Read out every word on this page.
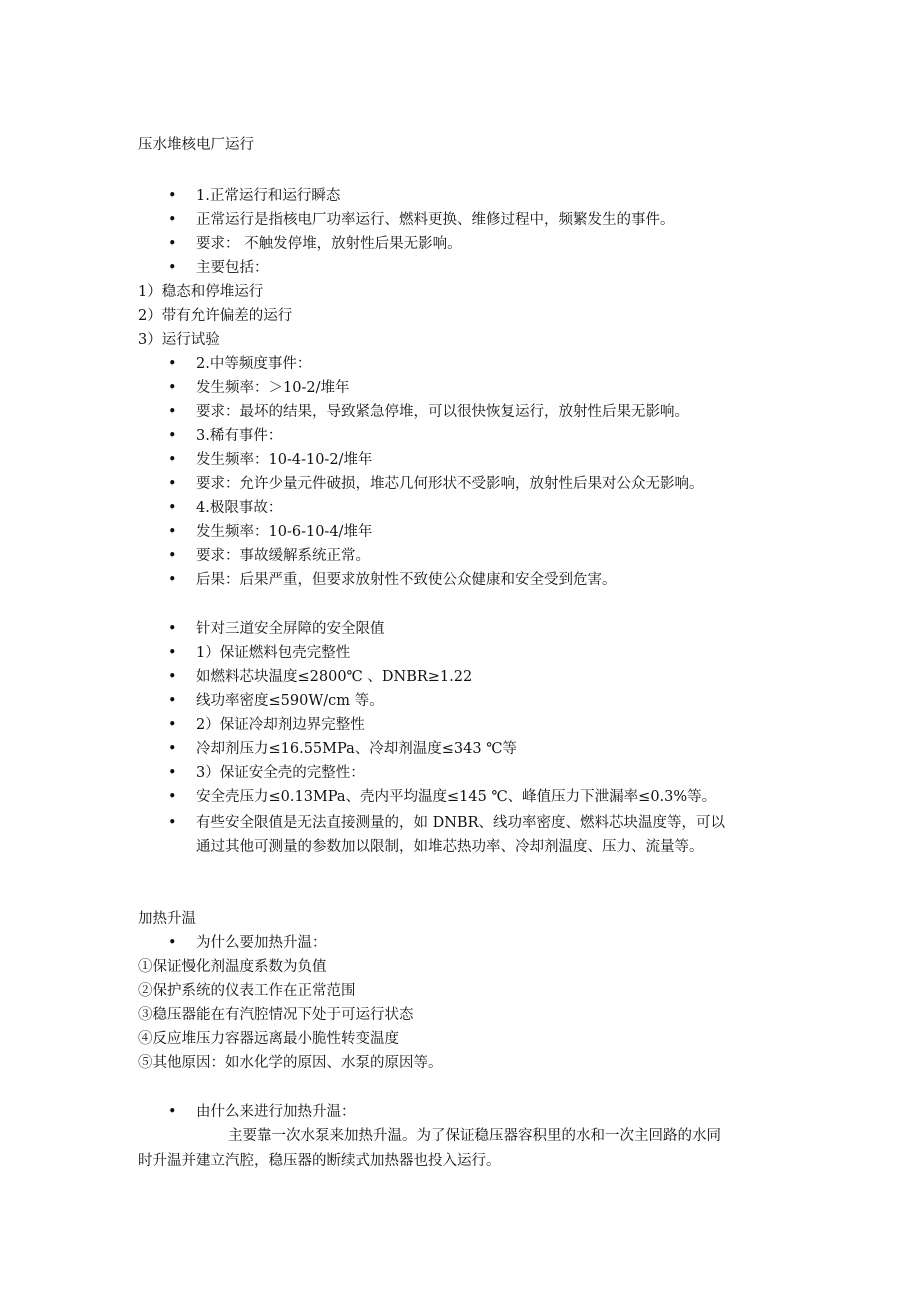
压水堆核电厂运行
• 1.正常运行和运行瞬态
• 正常运行是指核电厂功率运行、燃料更换、维修过程中，频繁发生的事件。
• 要求： 不触发停堆，放射性后果无影响。
• 主要包括：
1）稳态和停堆运行
2）带有允许偏差的运行
3）运行试验
• 2.中等频度事件：
• 发生频率：＞10-2/堆年
• 要求：最坏的结果，导致紧急停堆，可以很快恢复运行，放射性后果无影响。
• 3.稀有事件：
• 发生频率：10-4-10-2/堆年
• 要求：允许少量元件破损，堆芯几何形状不受影响，放射性后果对公众无影响。
• 4.极限事故：
• 发生频率：10-6-10-4/堆年
• 要求：事故缓解系统正常。
• 后果：后果严重，但要求放射性不致使公众健康和安全受到危害。
• 针对三道安全屏障的安全限值
• 1）保证燃料包壳完整性
• 如燃料芯块温度≤2800℃ 、DNBR≥1.22
• 线功率密度≤590W/cm 等。
• 2）保证冷却剂边界完整性
• 冷却剂压力≤16.55MPa、冷却剂温度≤343 ℃等
• 3）保证安全壳的完整性：
• 安全壳压力≤0.13MPa、壳内平均温度≤145 ℃、峰值压力下泄漏率≤0.3%等。
• 有些安全限值是无法直接测量的，如 DNBR、线功率密度、燃料芯块温度等，可以
通过其他可测量的参数加以限制，如堆芯热功率、冷却剂温度、压力、流量等。
加热升温
• 为什么要加热升温：
①保证慢化剂温度系数为负值
②保护系统的仪表工作在正常范围
③稳压器能在有汽腔情况下处于可运行状态
④反应堆压力容器远离最小脆性转变温度
⑤其他原因：如水化学的原因、水泵的原因等。
• 由什么来进行加热升温：
主要靠一次水泵来加热升温。为了保证稳压器容积里的水和一次主回路的水同
时升温并建立汽腔，稳压器的断续式加热器也投入运行。
